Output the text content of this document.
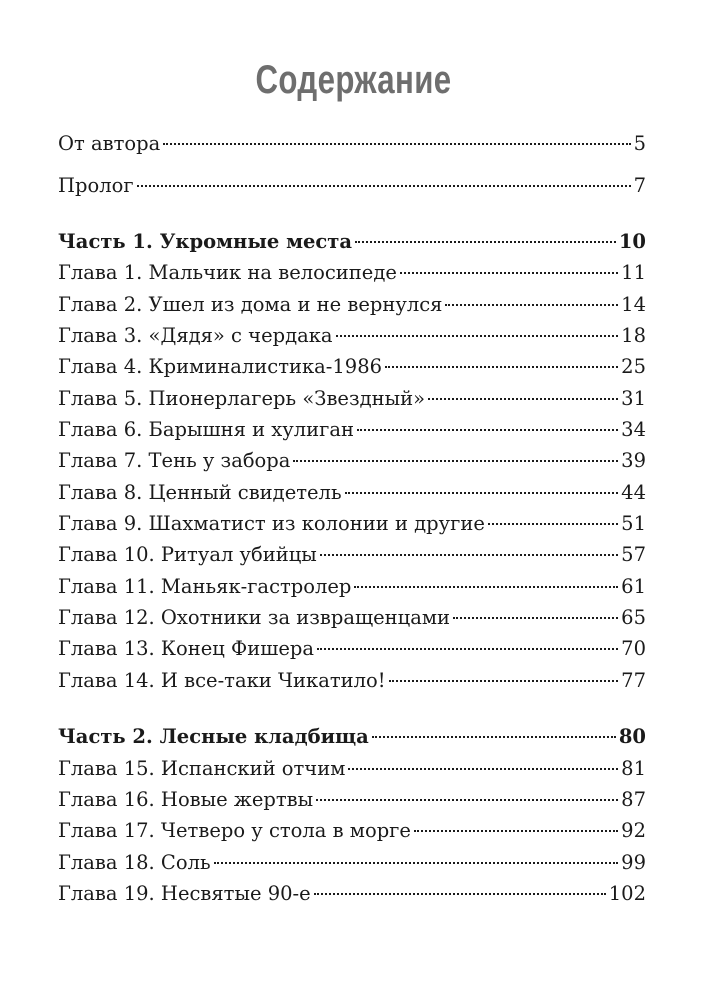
Содержание
От автора	5
Пролог	7
Часть 1. Укромные места	10
Глава 1. Мальчик на велосипеде	11
Глава 2. Ушел из дома и не вернулся	14
Глава 3. «Дядя» с чердака	18
Глава 4. Криминалистика-1986	25
Глава 5. Пионерлагерь «Звездный»	31
Глава 6. Барышня и хулиган	34
Глава 7. Тень у забора	39
Глава 8. Ценный свидетель	44
Глава 9. Шахматист из колонии и другие	51
Глава 10. Ритуал убийцы	57
Глава 11. Маньяк-гастролер	61
Глава 12. Охотники за извращенцами	65
Глава 13. Конец Фишера	70
Глава 14. И все-таки Чикатило!	77
Часть 2. Лесные кладбища	80
Глава 15. Испанский отчим	81
Глава 16. Новые жертвы	87
Глава 17. Четверо у стола в морге	92
Глава 18. Соль	99
Глава 19. Несвятые 90-е	102
